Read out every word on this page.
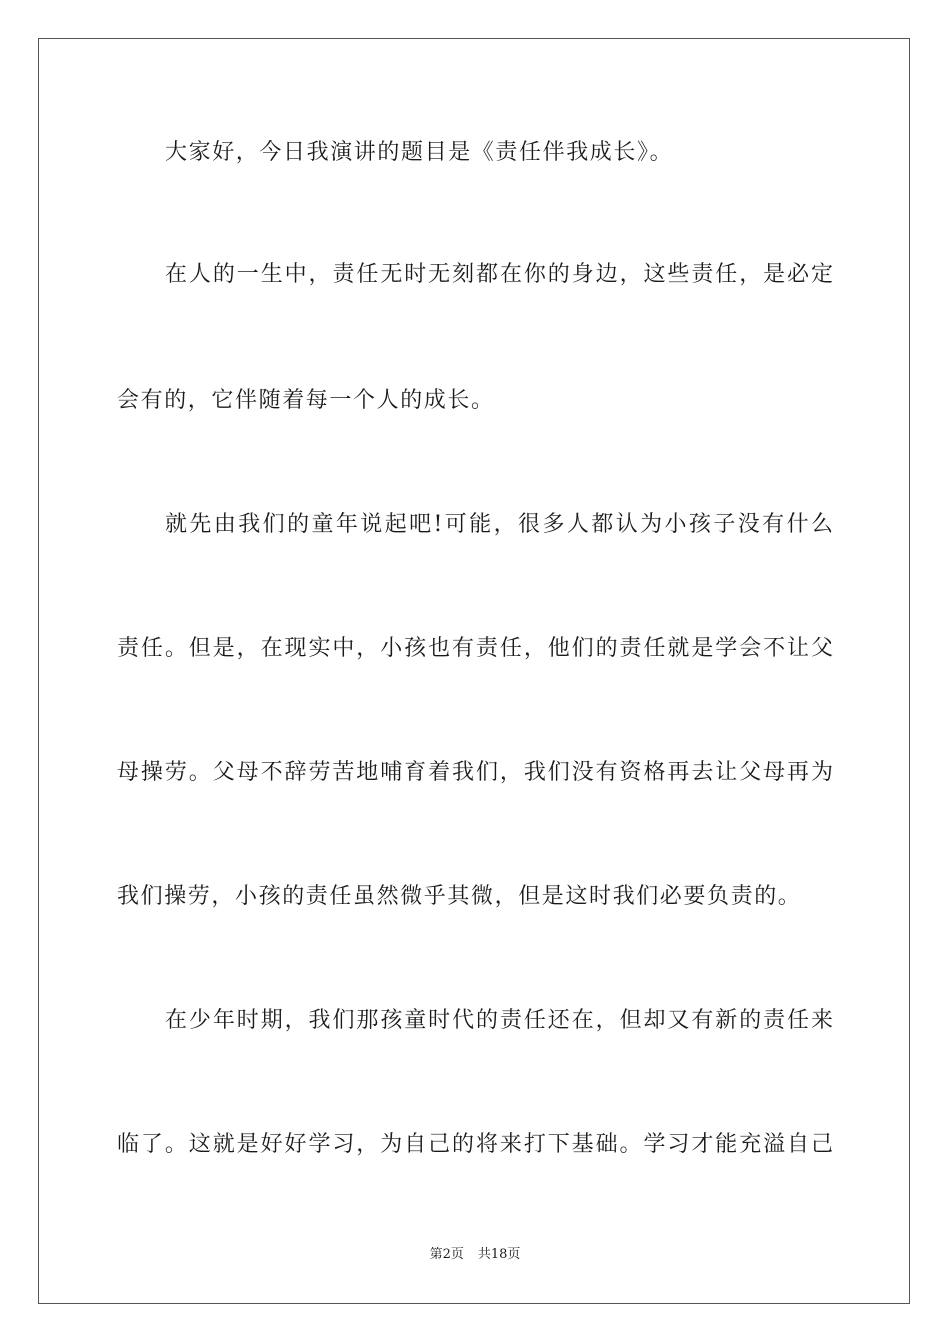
大家好，今日我演讲的题目是《责任伴我成长》。
在人的一生中，责任无时无刻都在你的身边，这些责任，是必定
会有的，它伴随着每一个人的成长。
就先由我们的童年说起吧!可能，很多人都认为小孩子没有什么
责任。但是，在现实中，小孩也有责任，他们的责任就是学会不让父
母操劳。父母不辞劳苦地哺育着我们，我们没有资格再去让父母再为
我们操劳，小孩的责任虽然微乎其微，但是这时我们必要负责的。
在少年时期，我们那孩童时代的责任还在，但却又有新的责任来
临了。这就是好好学习，为自己的将来打下基础。学习才能充溢自己
第2页 共18页
